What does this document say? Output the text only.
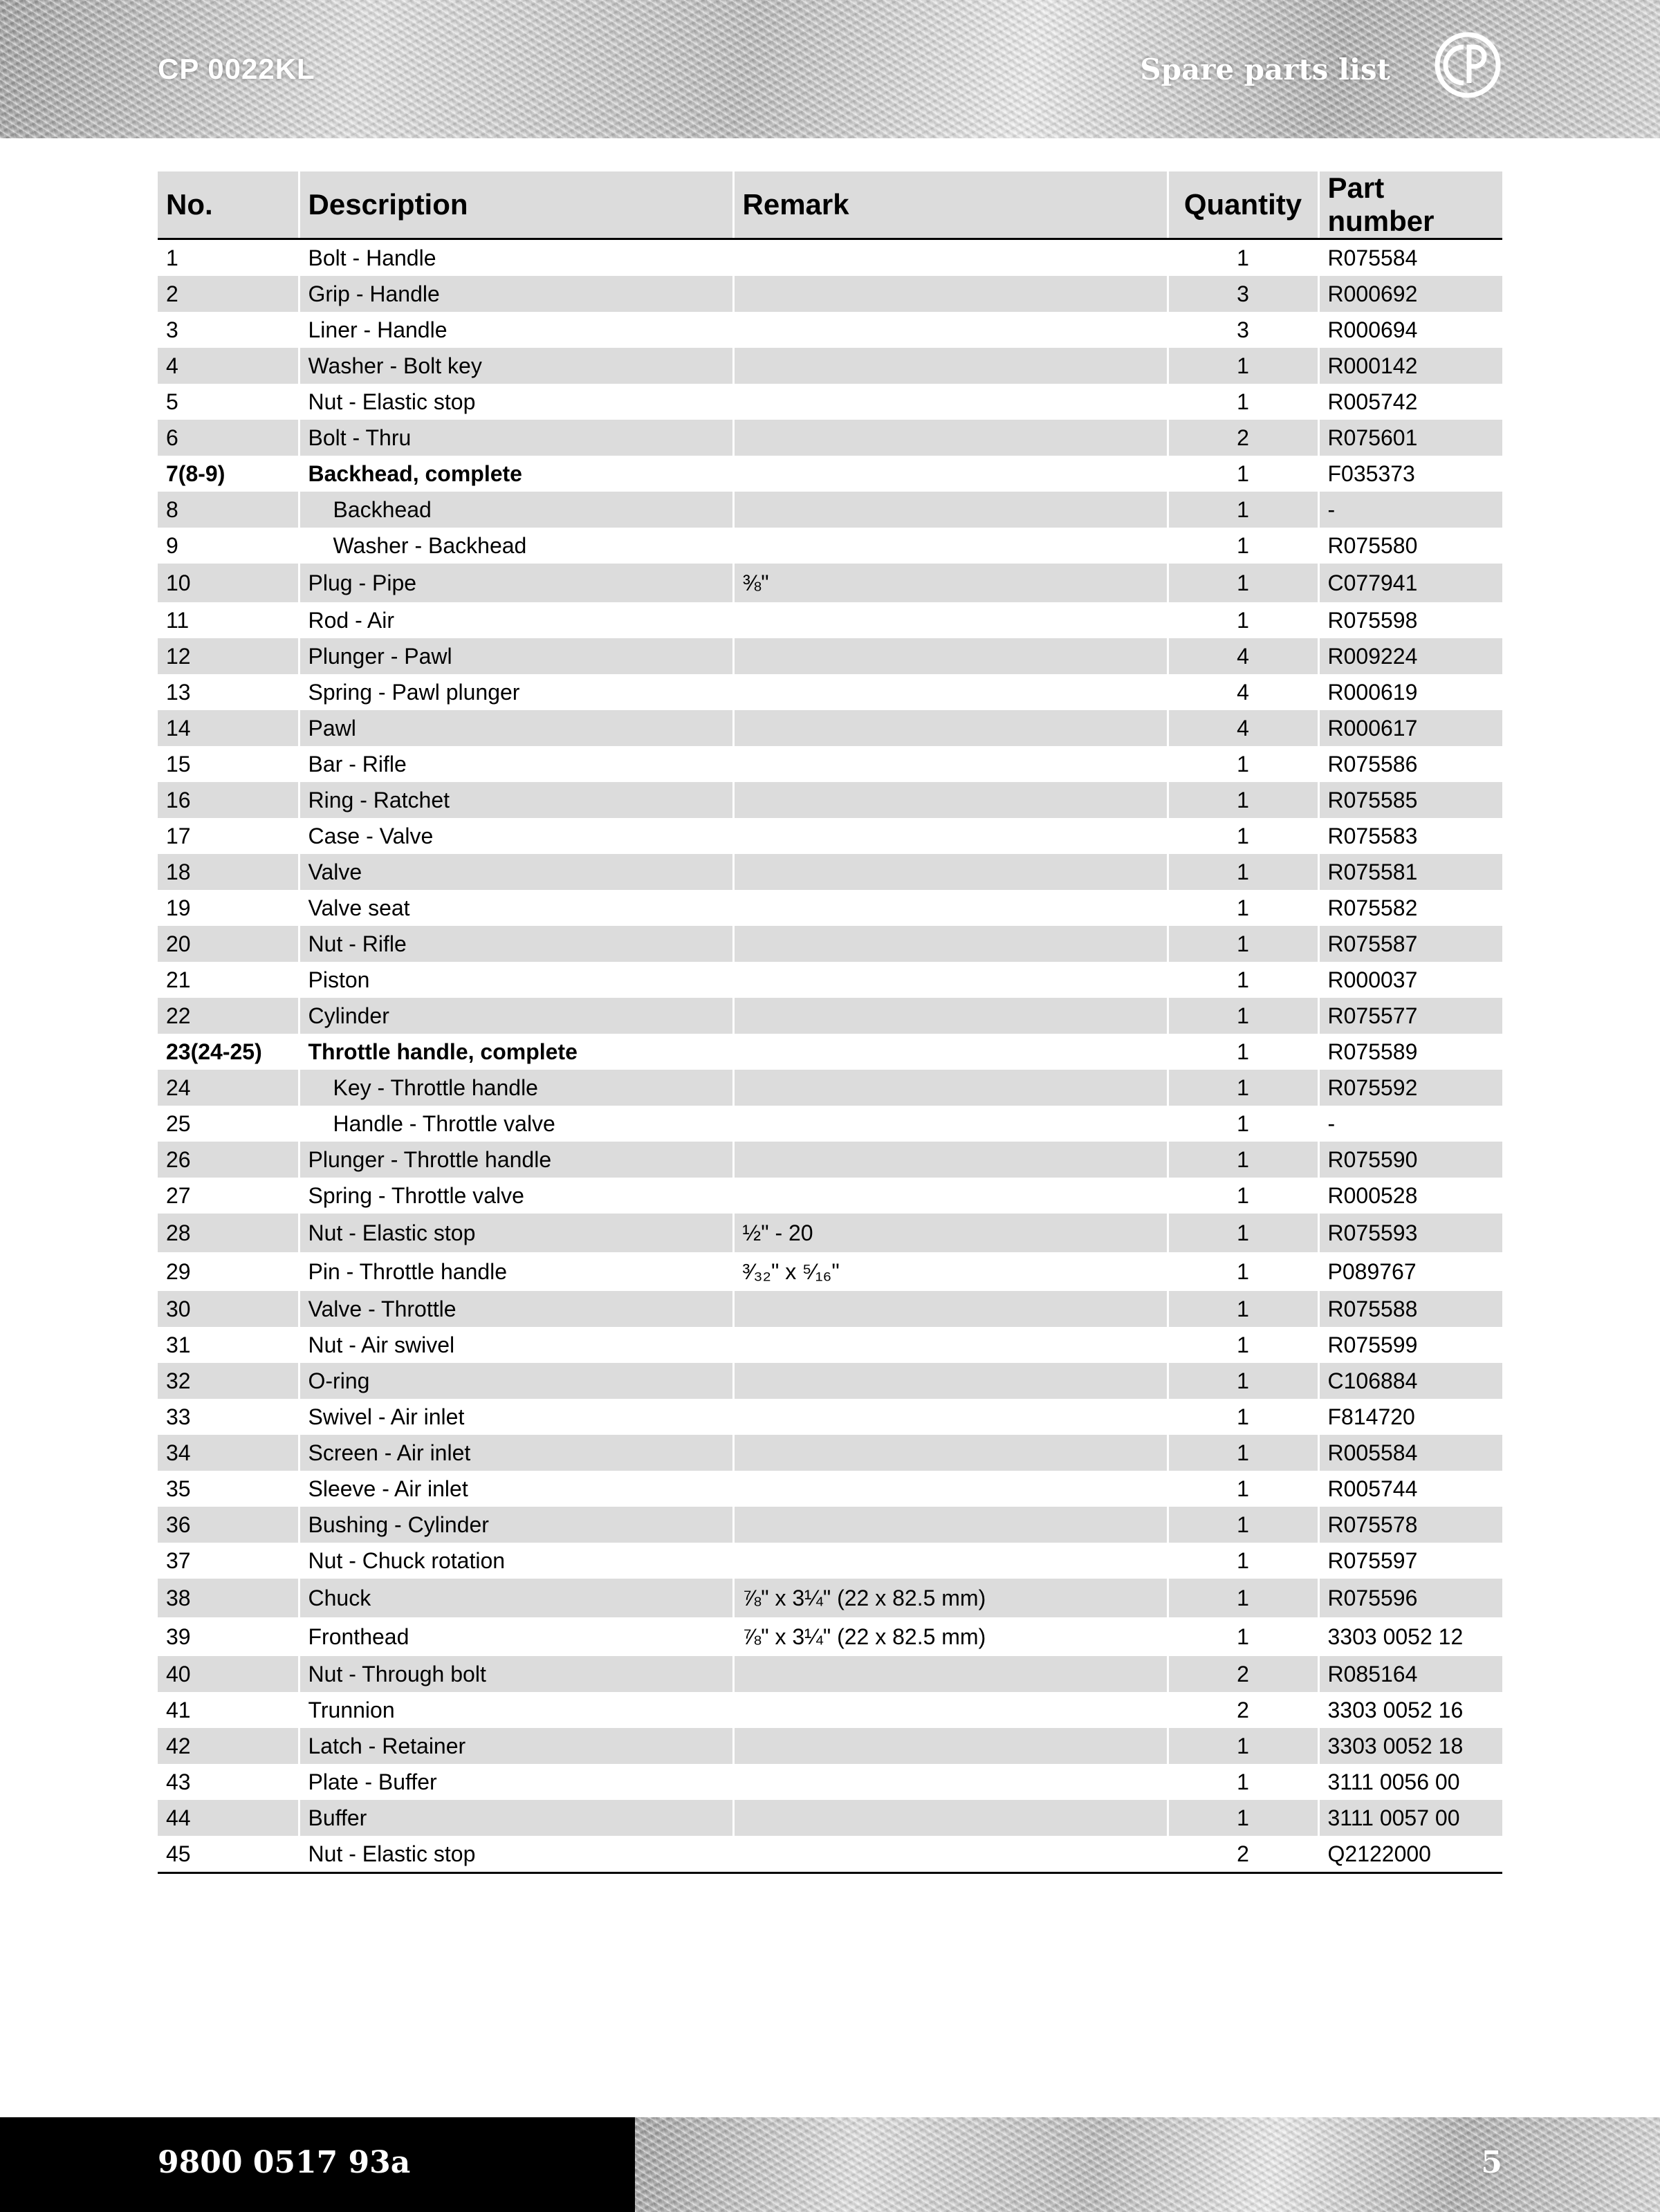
CP 0022KL	Spare parts list
No.	Description	Remark	Quantity	Part number
1	Bolt - Handle		1	R075584
2	Grip - Handle		3	R000692
3	Liner - Handle		3	R000694
4	Washer - Bolt key		1	R000142
5	Nut - Elastic stop		1	R005742
6	Bolt - Thru		2	R075601
7(8-9)	Backhead, complete		1	F035373
8	Backhead		1	-
9	Washer - Backhead		1	R075580
10	Plug - Pipe	⅜"	1	C077941
11	Rod - Air		1	R075598
12	Plunger - Pawl		4	R009224
13	Spring - Pawl plunger		4	R000619
14	Pawl		4	R000617
15	Bar - Rifle		1	R075586
16	Ring - Ratchet		1	R075585
17	Case - Valve		1	R075583
18	Valve		1	R075581
19	Valve seat		1	R075582
20	Nut - Rifle		1	R075587
21	Piston		1	R000037
22	Cylinder		1	R075577
23(24-25)	Throttle handle, complete		1	R075589
24	Key - Throttle handle		1	R075592
25	Handle - Throttle valve		1	-
26	Plunger - Throttle handle		1	R075590
27	Spring - Throttle valve		1	R000528
28	Nut - Elastic stop	½" - 20	1	R075593
29	Pin - Throttle handle	³⁄₃₂" x ⁵⁄₁₆"	1	P089767
30	Valve - Throttle		1	R075588
31	Nut - Air swivel		1	R075599
32	O-ring		1	C106884
33	Swivel - Air inlet		1	F814720
34	Screen - Air inlet		1	R005584
35	Sleeve - Air inlet		1	R005744
36	Bushing - Cylinder		1	R075578
37	Nut - Chuck rotation		1	R075597
38	Chuck	⅞" x 3¼" (22 x 82.5 mm)	1	R075596
39	Fronthead	⅞" x 3¼" (22 x 82.5 mm)	1	3303 0052 12
40	Nut - Through bolt		2	R085164
41	Trunnion		2	3303 0052 16
42	Latch - Retainer		1	3303 0052 18
43	Plate - Buffer		1	3111 0056 00
44	Buffer		1	3111 0057 00
45	Nut - Elastic stop		2	Q2122000
9800 0517 93a	5
